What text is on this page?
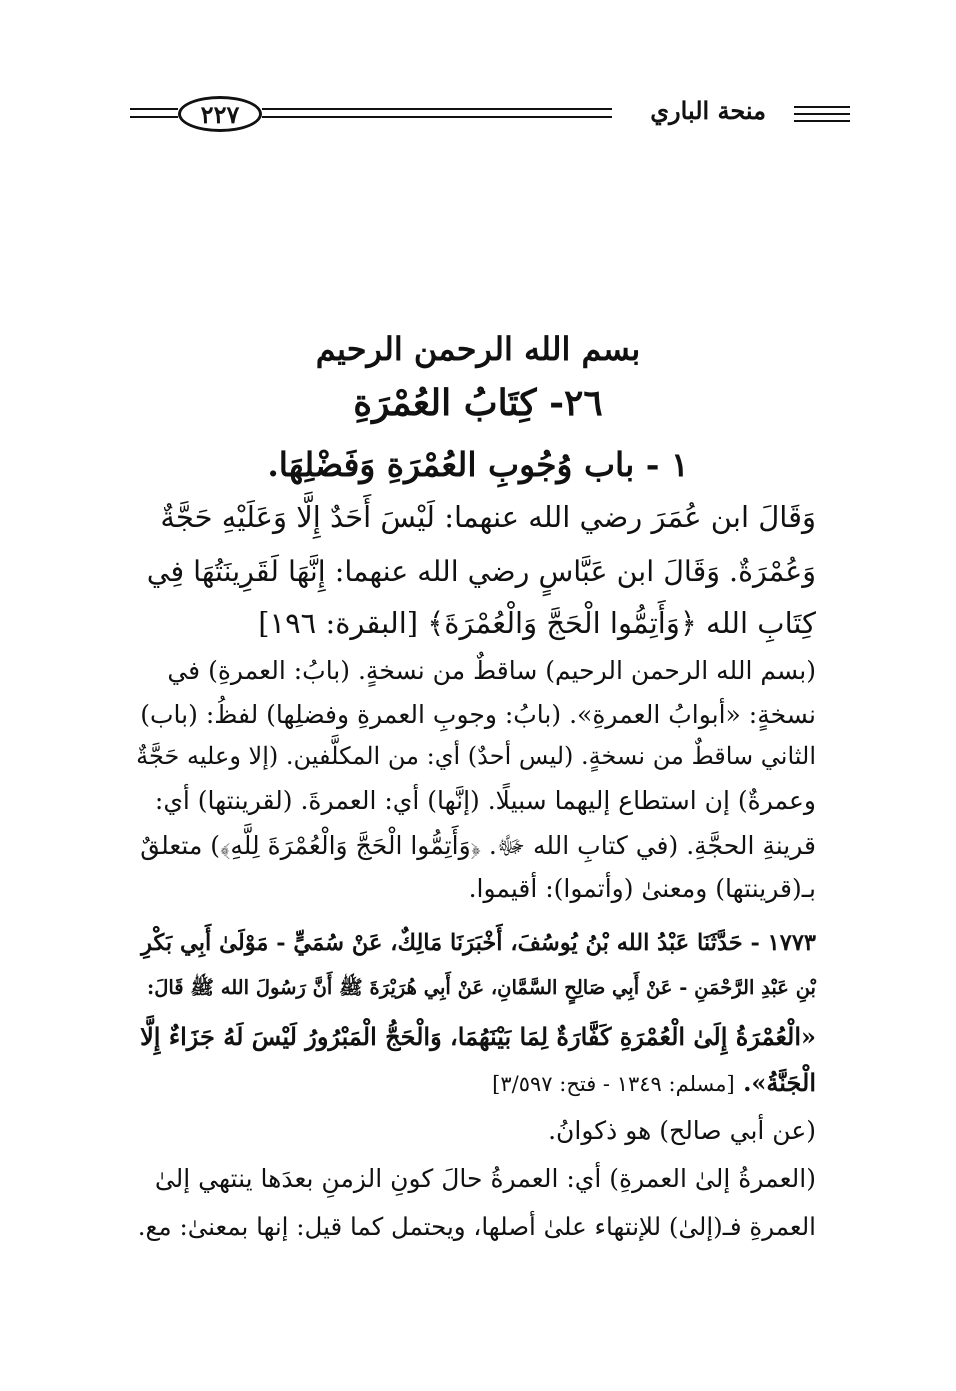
٢٢٧	منحة الباري
بسم الله الرحمن الرحيم
٢٦- كِتَابُ العُمْرَةِ
١ - باب وُجُوبِ العُمْرَةِ وَفَضْلِهَا.
وَقَالَ ابن عُمَرَ رضي الله عنهما: لَيْسَ أَحَدٌ إِلَّا وَعَلَيْهِ حَجَّةٌ
وَعُمْرَةٌ. وَقَالَ ابن عَبَّاسٍ رضي الله عنهما: إِنَّهَا لَقَرِينَتُهَا فِي
كِتَابِ الله ﴿وَأَتِمُّوا الْحَجَّ وَالْعُمْرَةَ﴾ [البقرة: ١٩٦]
(بسم الله الرحمن الرحيم) ساقطٌ من نسخةٍ. (بابُ: العمرةِ) في
نسخةٍ: «أبوابُ العمرةِ». (بابُ: وجوبِ العمرةِ وفضلِها) لفظُ: (باب)
الثاني ساقطٌ من نسخةٍ. (ليس أحدٌ) أي: من المكلَّفين. (إلا وعليه حَجَّةٌ
وعمرةٌ) إن استطاع إليهما سبيلًا. (إنَّها) أي: العمرةَ. (لقرينتها) أي:
قرينةِ الحجَّةِ. (في كتابِ الله ﷻ. ﴿وَأَتِمُّوا الْحَجَّ وَالْعُمْرَةَ لِلَّهِ﴾) متعلقٌ
بـ(قرينتها) ومعنىٰ (وأتموا): أقيموا.
١٧٧٣ - حَدَّثَنَا عَبْدُ الله بْنُ يُوسُفَ، أَخْبَرَنَا مَالِكٌ، عَنْ سُمَيٍّ - مَوْلَىٰ أَبِي بَكْرِ
بْنِ عَبْدِ الرَّحْمَنِ - عَنْ أَبِي صَالِحٍ السَّمَّانِ، عَنْ أَبِي هُرَيْرَةَ ﷺ أَنَّ رَسُولَ الله ﷺ قَالَ:
«الْعُمْرَةُ إِلَىٰ الْعُمْرَةِ كَفَّارَةٌ لِمَا بَيْنَهُمَا، وَالْحَجُّ الْمَبْرُورُ لَيْسَ لَهُ جَزَاءٌ إِلَّا
الْجَنَّةُ». [مسلم: ١٣٤٩ - فتح: ٣/٥٩٧]
(عن أبي صالح) هو ذكوانُ.
(العمرةُ إلىٰ العمرةِ) أي: العمرةُ حالَ كونِ الزمنِ بعدَها ينتهي إلىٰ
العمرةِ فـ(إلىٰ) للإنتهاء علىٰ أصلها، ويحتمل كما قيل: إنها بمعنىٰ: مع.
